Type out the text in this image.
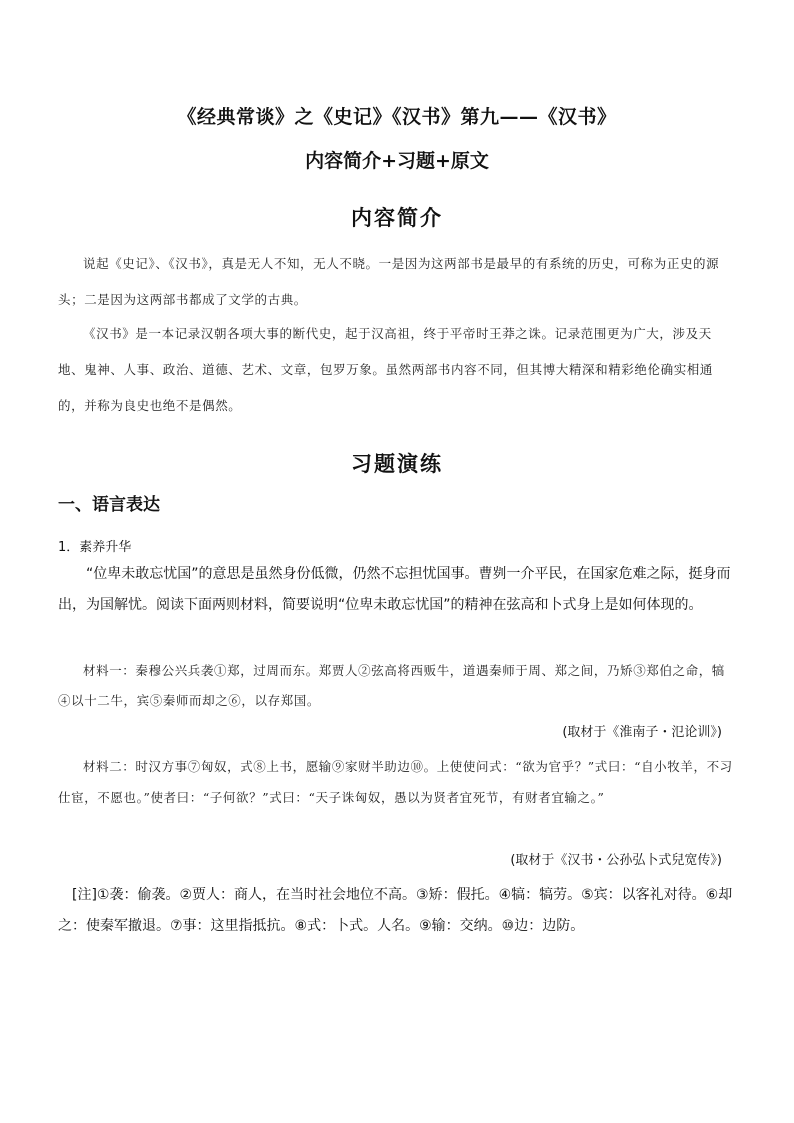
《经典常谈》之《史记》《汉书》第九——《汉书》
内容简介+习题+原文
内容简介
说起《史记》、《汉书》，真是无人不知，无人不晓。一是因为这两部书是最早的有系统的历史，可称为正史的源头；二是因为这两部书都成了文学的古典。
《汉书》是一本记录汉朝各项大事的断代史，起于汉高祖，终于平帝时王莽之诛。记录范围更为广大，涉及天地、鬼神、人事、政治、道德、艺术、文章，包罗万象。虽然两部书内容不同，但其博大精深和精彩绝伦确实相通的，并称为良史也绝不是偶然。
习题演练
一、语言表达
1．素养升华
“位卑未敢忘忧国”的意思是虽然身份低微，仍然不忘担忧国事。曹刿一介平民，在国家危难之际，挺身而出，为国解忧。阅读下面两则材料，简要说明“位卑未敢忘忧国”的精神在弦高和卜式身上是如何体现的。
材料一：秦穆公兴兵袭①郑，过周而东。郑贾人②弦高将西贩牛，道遇秦师于周、郑之间，乃矫③郑伯之命，犒④以十二牛，宾⑤秦师而却之⑥，以存郑国。
(取材于《淮南子・氾论训》)
材料二：时汉方事⑦匈奴，式⑧上书，愿输⑨家财半助边⑩。上使使问式：“欲为官乎？”式曰：“自小牧羊，不习仕宦，不愿也。”使者曰：“子何欲？”式曰：“天子诛匈奴，愚以为贤者宜死节，有财者宜输之。”
(取材于《汉书・公孙弘卜式兒宽传》)
[注]①袭：偷袭。②贾人：商人，在当时社会地位不高。③矫：假托。④犒：犒劳。⑤宾：以客礼对待。⑥却之：使秦军撤退。⑦事：这里指抵抗。⑧式：卜式。人名。⑨输：交纳。⑩边：边防。
